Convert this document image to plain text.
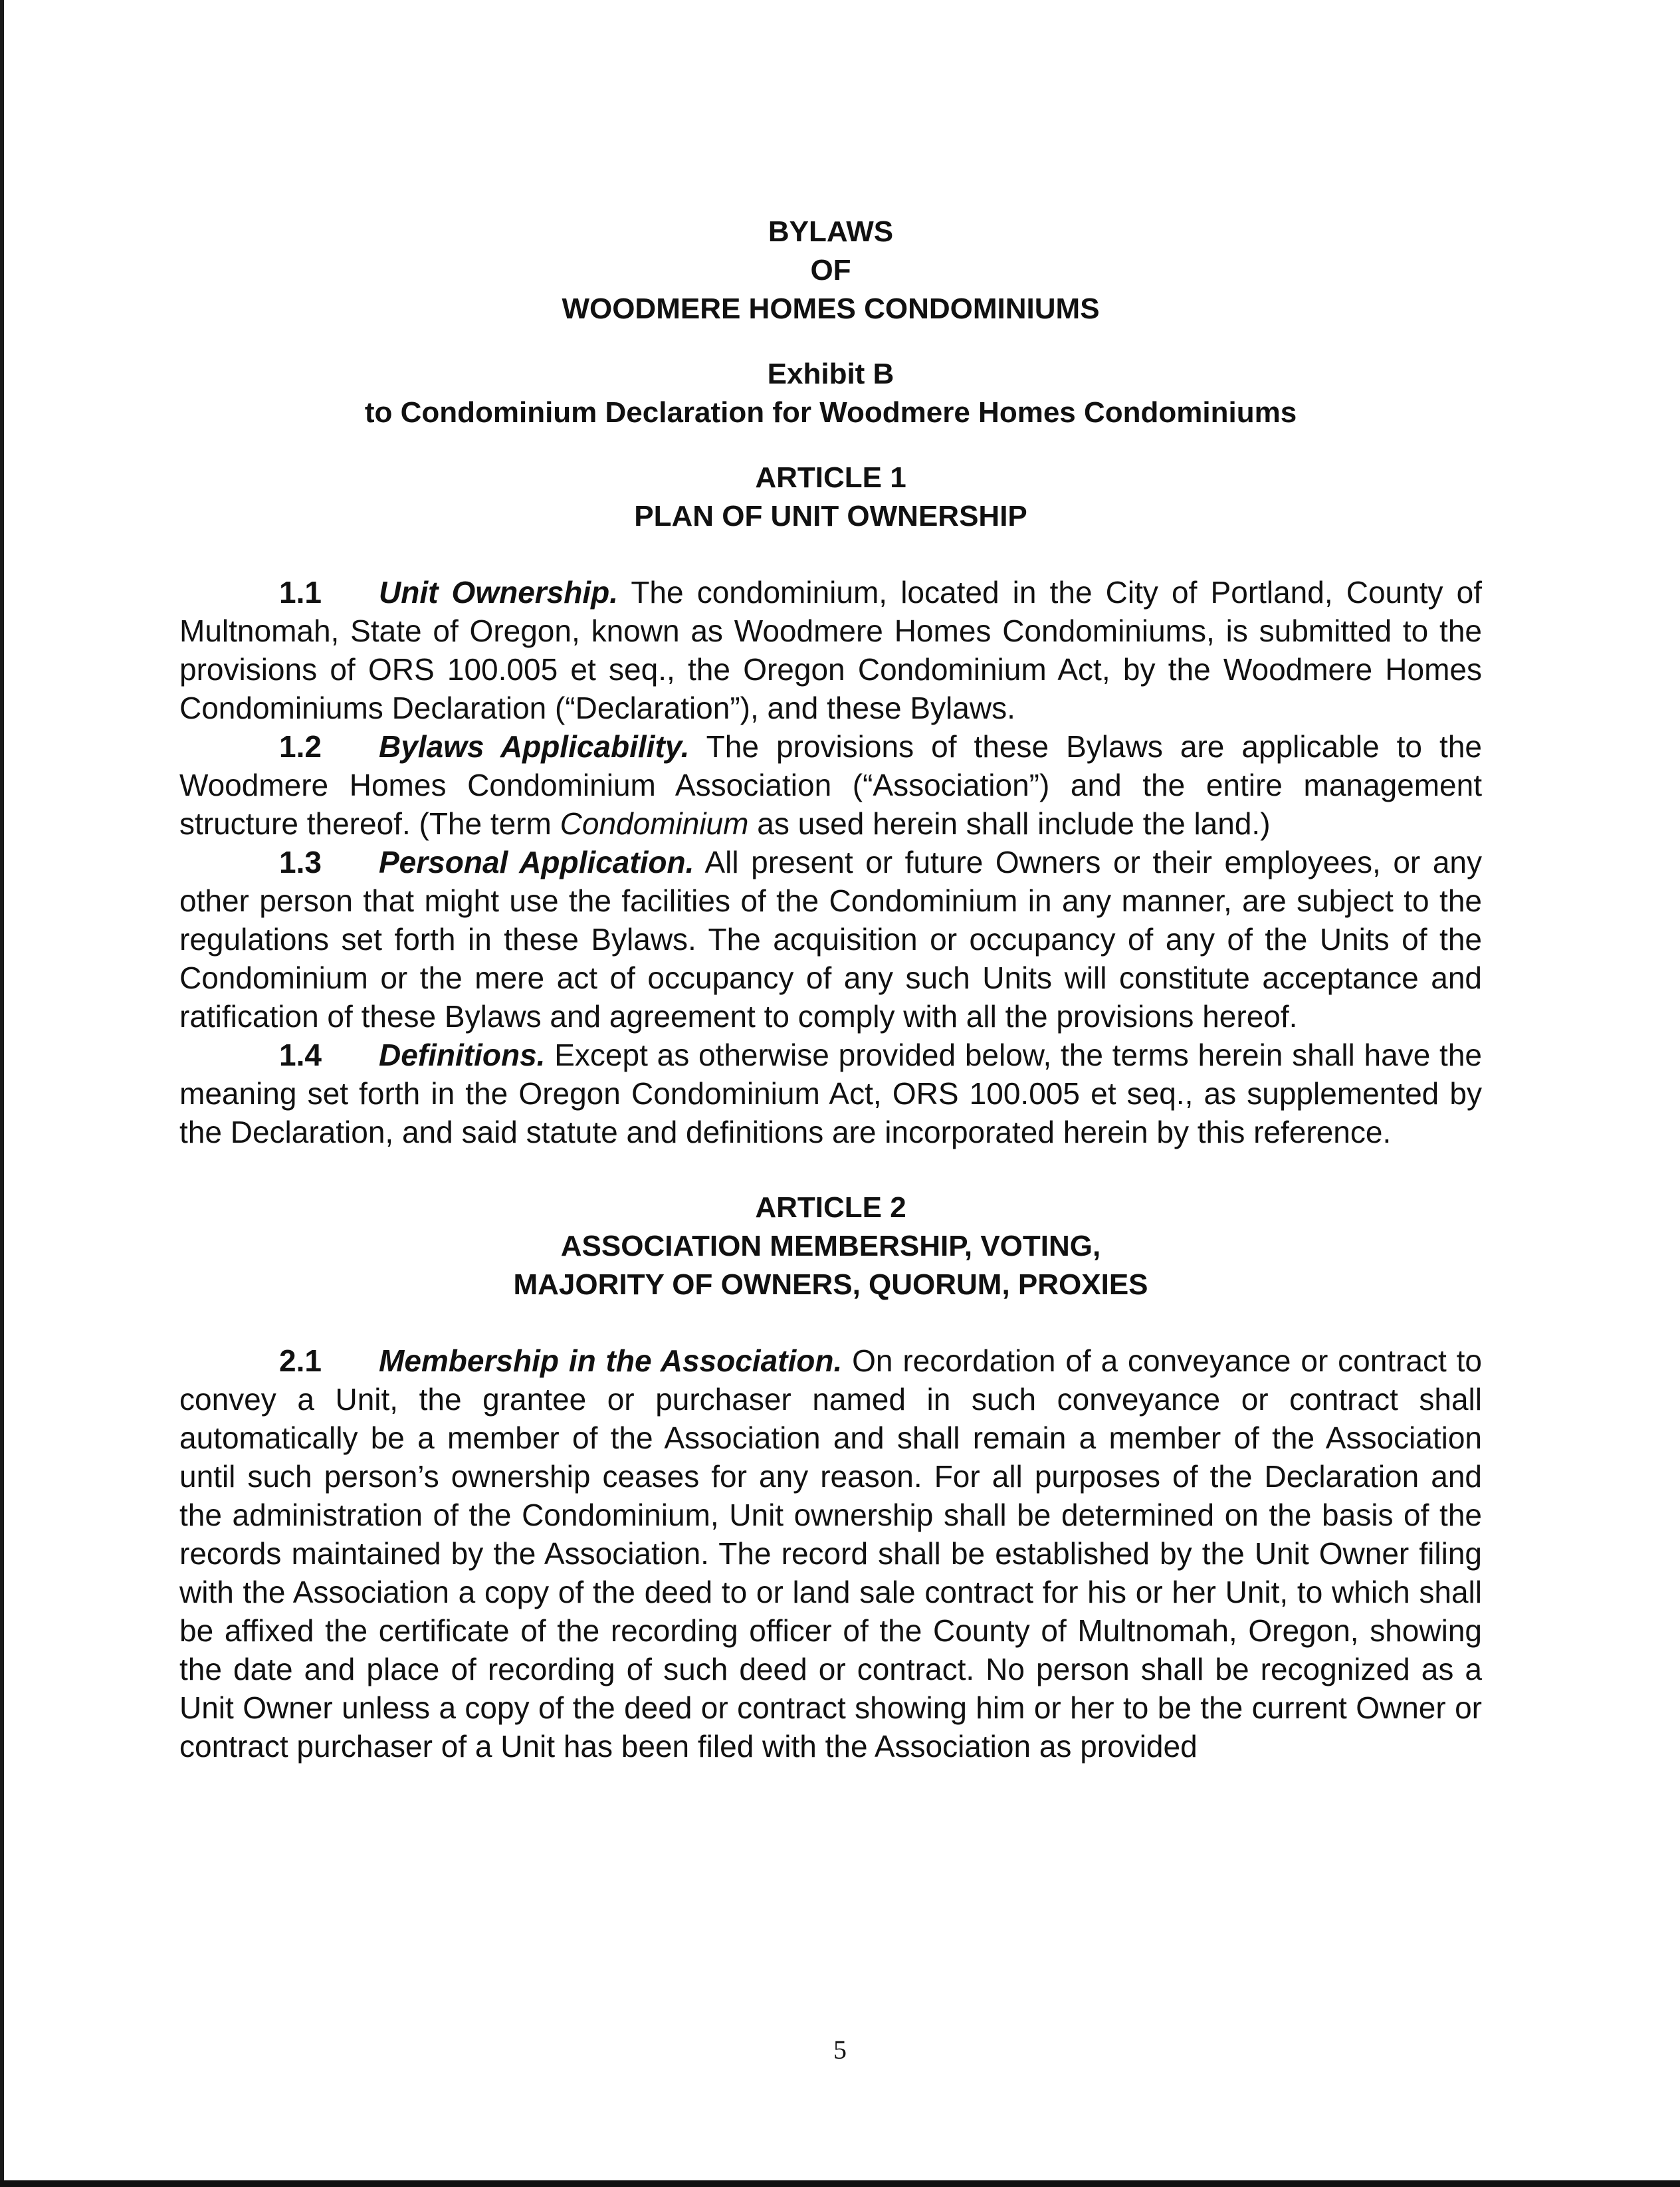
BYLAWS
OF
WOODMERE HOMES CONDOMINIUMS
Exhibit B
to Condominium Declaration for Woodmere Homes Condominiums
ARTICLE 1
PLAN OF UNIT OWNERSHIP

1.1 Unit Ownership. The condominium, located in the City of Portland, County of Multnomah, State of Oregon, known as Woodmere Homes Condominiums, is submitted to the provisions of ORS 100.005 et seq., the Oregon Condominium Act, by the Woodmere Homes Condominiums Declaration (“Declaration”), and these Bylaws.

1.2 Bylaws Applicability. The provisions of these Bylaws are applicable to the Woodmere Homes Condominium Association (“Association”) and the entire management structure thereof. (The term Condominium as used herein shall include the land.)

1.3 Personal Application. All present or future Owners or their employees, or any other person that might use the facilities of the Condominium in any manner, are subject to the regulations set forth in these Bylaws. The acquisition or occupancy of any of the Units of the Condominium or the mere act of occupancy of any such Units will constitute acceptance and ratification of these Bylaws and agreement to comply with all the provisions hereof.

1.4 Definitions. Except as otherwise provided below, the terms herein shall have the meaning set forth in the Oregon Condominium Act, ORS 100.005 et seq., as supplemented by the Declaration, and said statute and definitions are incorporated herein by this reference.

ARTICLE 2
ASSOCIATION MEMBERSHIP, VOTING,
MAJORITY OF OWNERS, QUORUM, PROXIES

2.1 Membership in the Association. On recordation of a conveyance or contract to convey a Unit, the grantee or purchaser named in such conveyance or contract shall automatically be a member of the Association and shall remain a member of the Association until such person’s ownership ceases for any reason. For all purposes of the Declaration and the administration of the Condominium, Unit ownership shall be determined on the basis of the records maintained by the Association. The record shall be established by the Unit Owner filing with the Association a copy of the deed to or land sale contract for his or her Unit, to which shall be affixed the certificate of the recording officer of the County of Multnomah, Oregon, showing the date and place of recording of such deed or contract. No person shall be recognized as a Unit Owner unless a copy of the deed or contract showing him or her to be the current Owner or contract purchaser of a Unit has been filed with the Association as provided

5
